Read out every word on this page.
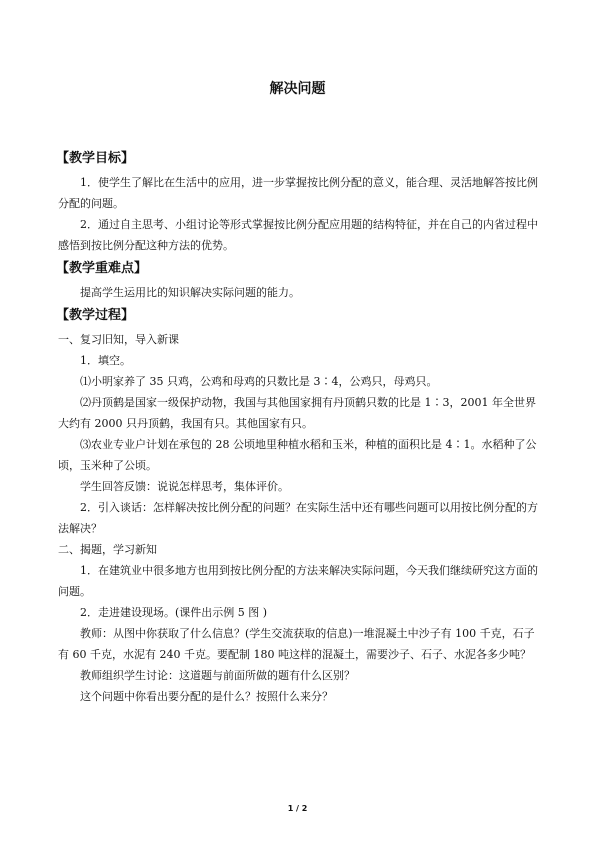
解决问题
【教学目标】

1．使学生了解比在生活中的应用，进一步掌握按比例分配的意义，能合理、灵活地解答按比例分配的问题。

2．通过自主思考、小组讨论等形式掌握按比例分配应用题的结构特征，并在自己的内省过程中感悟到按比例分配这种方法的优势。

【教学重难点】

提高学生运用比的知识解决实际问题的能力。

【教学过程】

一、复习旧知，导入新课

1．填空。

⑴小明家养了 35 只鸡，公鸡和母鸡的只数比是 3∶4，公鸡只，母鸡只。

⑵丹顶鹤是国家一级保护动物，我国与其他国家拥有丹顶鹤只数的比是 1∶3，2001 年全世界大约有 2000 只丹顶鹤，我国有只。其他国家有只。

⑶农业专业户计划在承包的 28 公顷地里种植水稻和玉米，种植的面积比是 4∶1。水稻种了公顷，玉米种了公顷。

学生回答反馈：说说怎样思考，集体评价。

2．引入谈话：怎样解决按比例分配的问题？在实际生活中还有哪些问题可以用按比例分配的方法解决？

二、揭题，学习新知

1．在建筑业中很多地方也用到按比例分配的方法来解决实际问题，今天我们继续研究这方面的问题。

2．走进建设现场。(课件出示例 5 图 )

教师：从图中你获取了什么信息？(学生交流获取的信息)一堆混凝土中沙子有 100 千克，石子有 60 千克，水泥有 240 千克。要配制 180 吨这样的混凝土，需要沙子、石子、水泥各多少吨？

教师组织学生讨论：这道题与前面所做的题有什么区别？

这个问题中你看出要分配的是什么？按照什么来分？

1 / 2
